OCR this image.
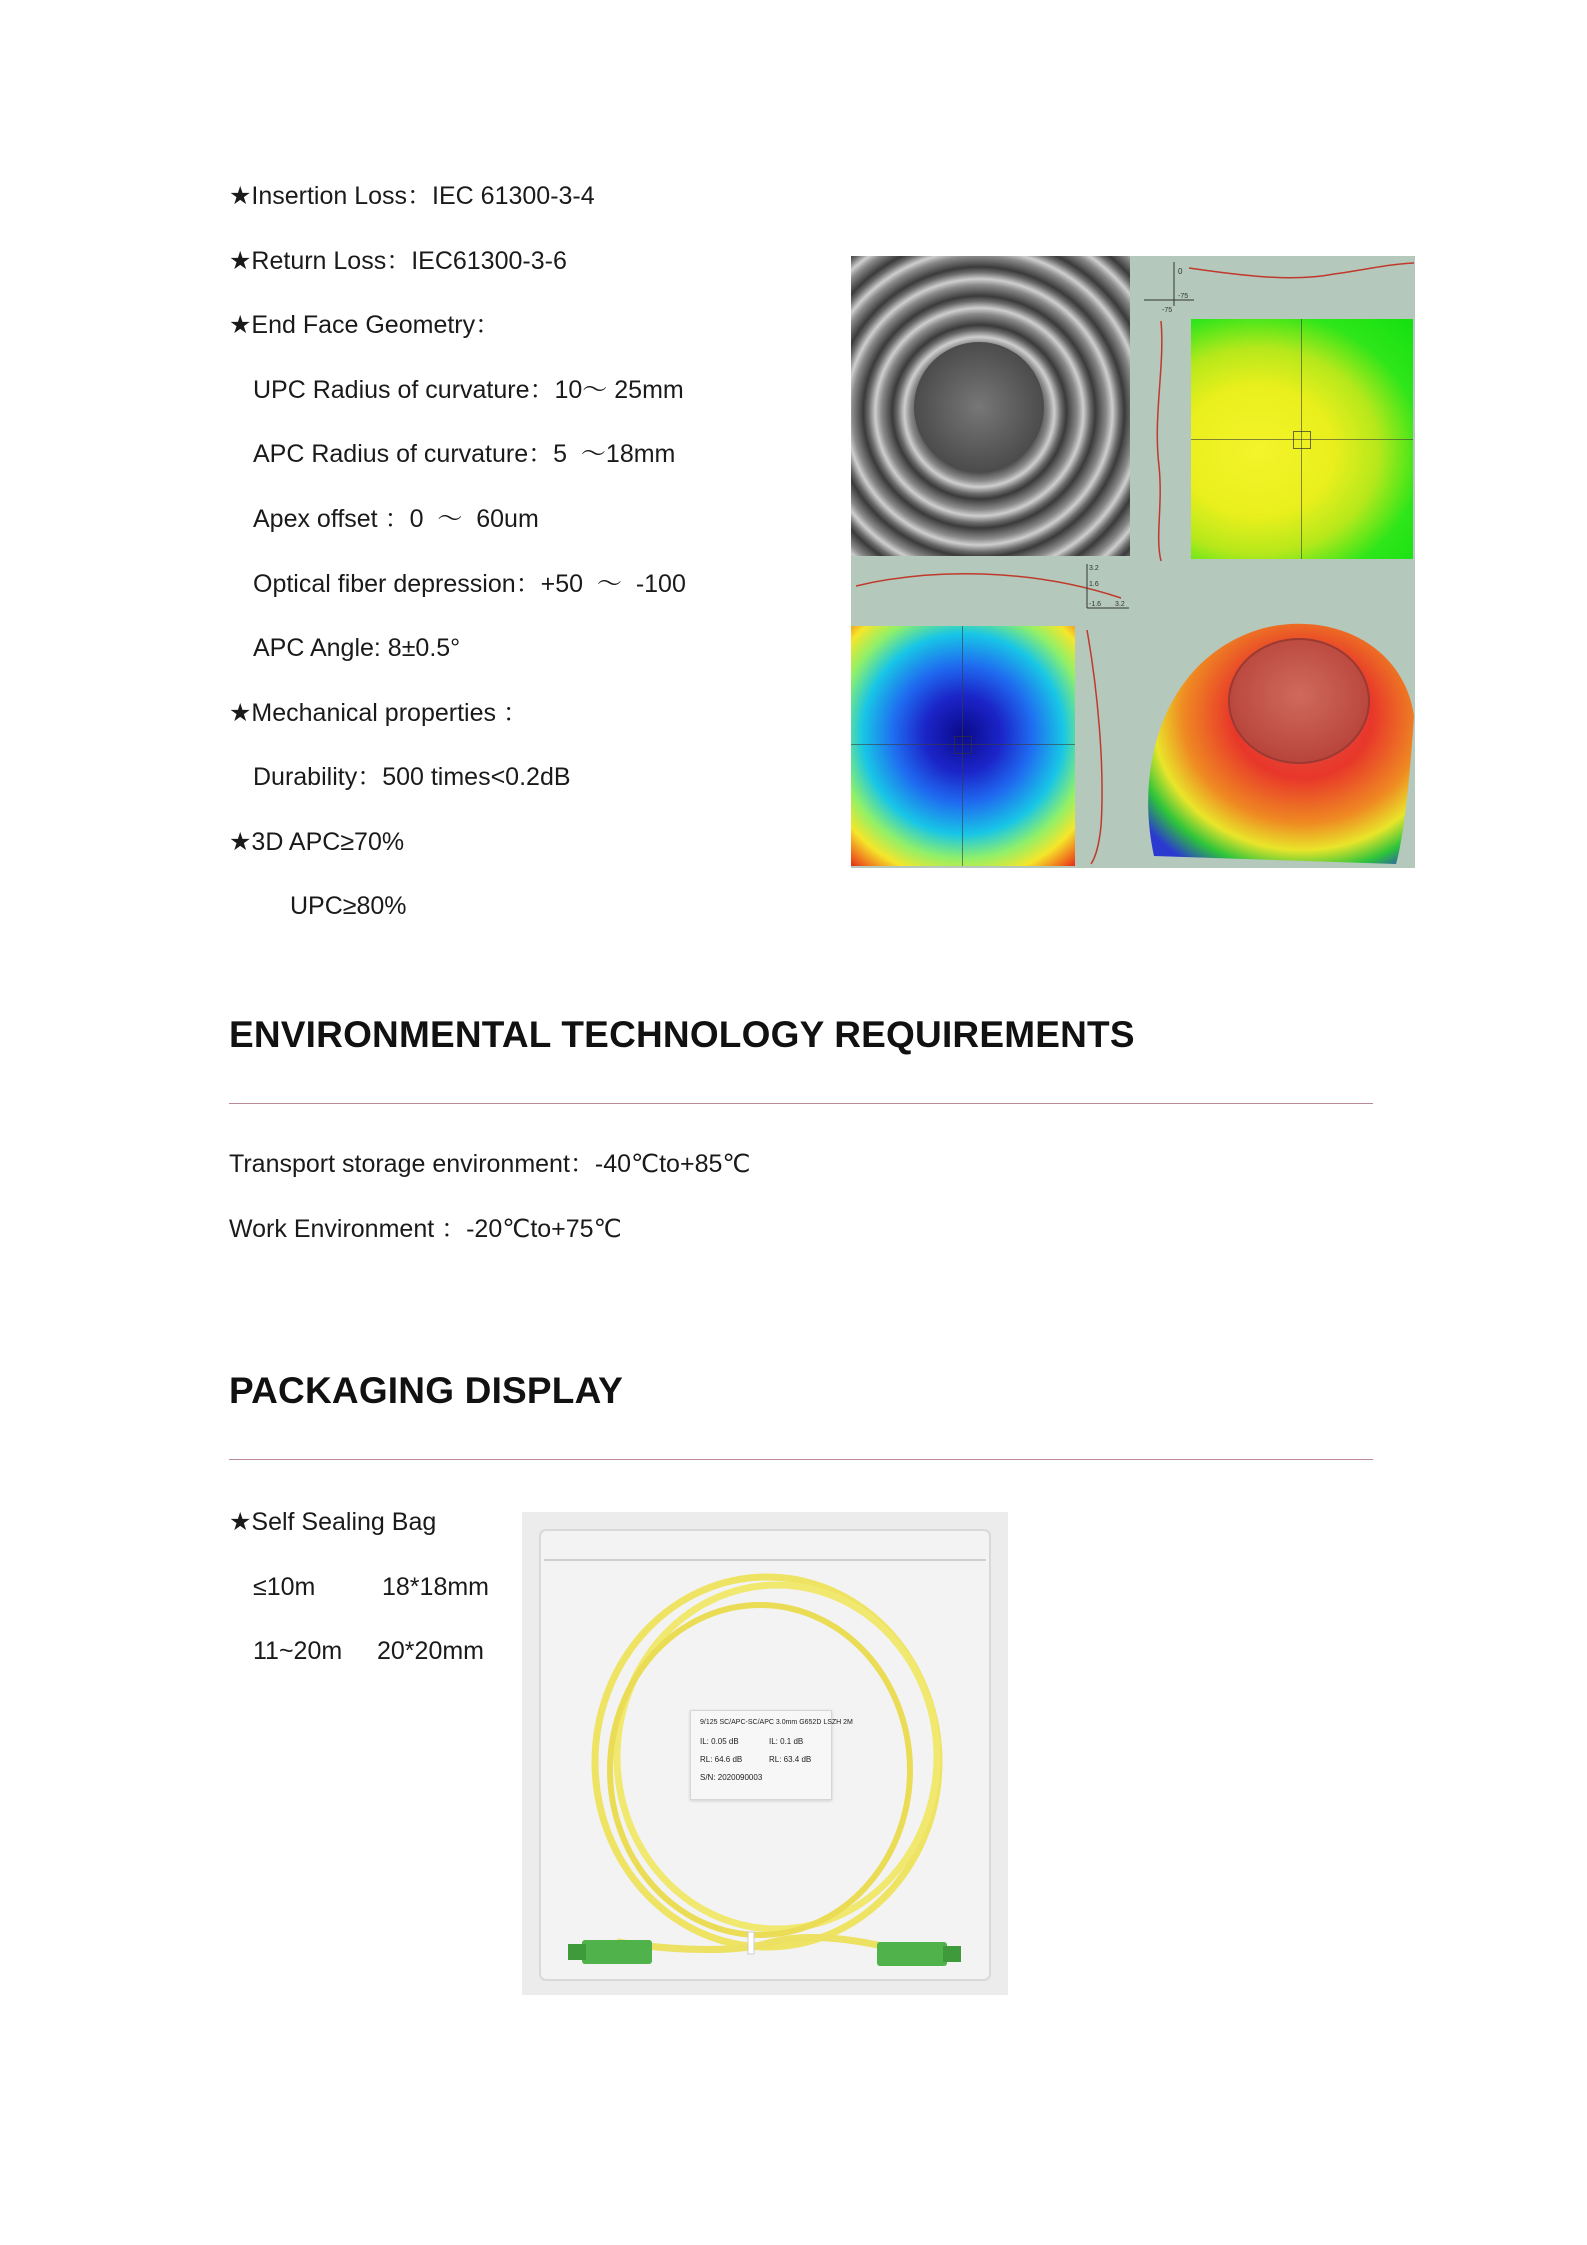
★Insertion Loss：IEC 61300-3-4
★Return Loss：IEC61300-3-6
★End Face Geometry：
UPC Radius of curvature：10～ 25mm
APC Radius of curvature：5  ～18mm
Apex offset ：0  ～  60um
Optical fiber depression：+50  ～  -100
APC Angle: 8±0.5°
★Mechanical properties ：
Durability：500 times<0.2dB
★3D APC≥70%
UPC≥80%
0
-75
-75
3.2
1.6
-1.6 3.2
ENVIRONMENTAL TECHNOLOGY REQUIREMENTS
Transport storage environment：-40℃to+85℃
Work Environment ：-20℃to+75℃
PACKAGING DISPLAY
★Self Sealing Bag
≤10m	18*18mm
11~20m 20*20mm
9/125 SC/APC-SC/APC 3.0mm G652D LSZH 2M
IL: 0.05 dB	IL: 0.1 dB
RL: 64.6 dB	RL: 63.4 dB
S/N: 2020090003
